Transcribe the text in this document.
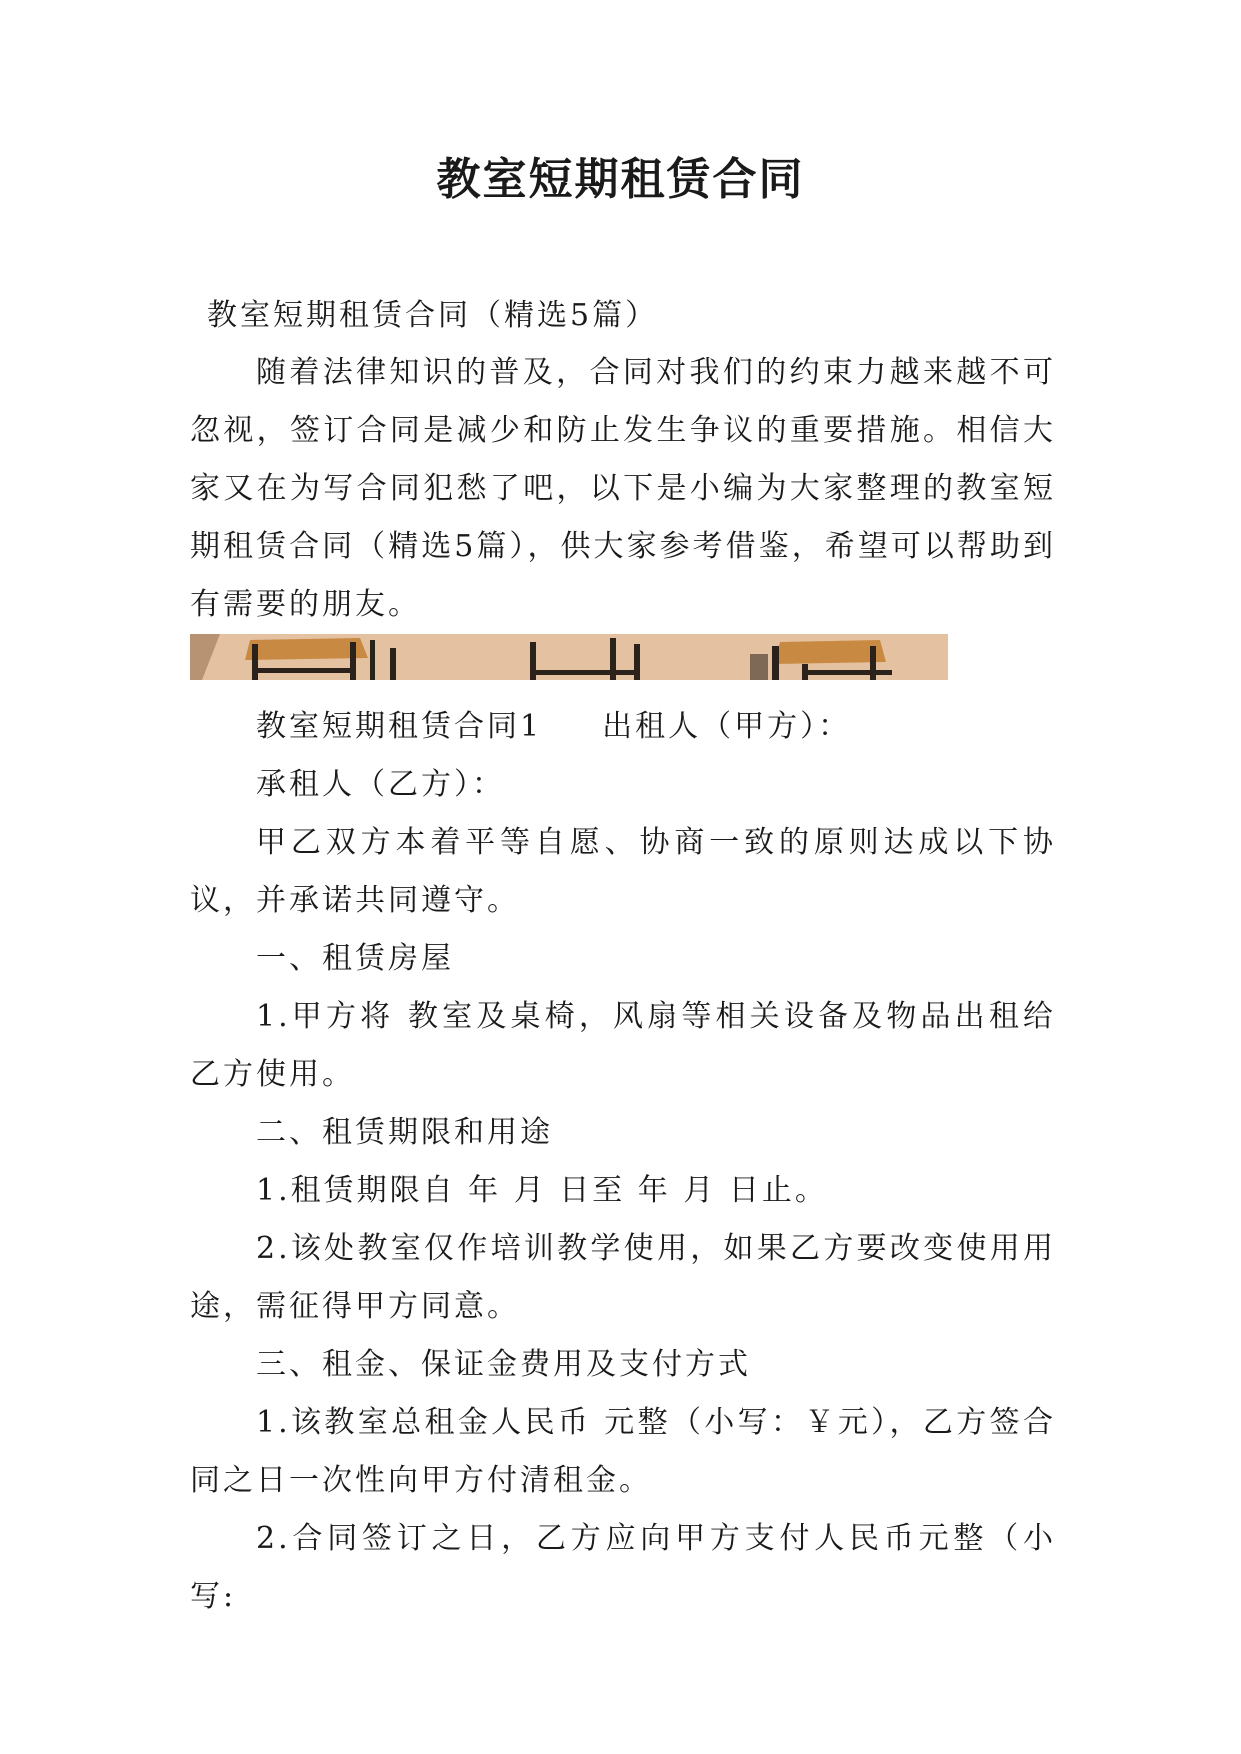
教室短期租赁合同
教室短期租赁合同（精选5篇）

随着法律知识的普及，合同对我们的约束力越来越不可忽视，签订合同是减少和防止发生争议的重要措施。相信大家又在为写合同犯愁了吧，以下是小编为大家整理的教室短期租赁合同（精选5篇），供大家参考借鉴，希望可以帮助到有需要的朋友。

教室短期租赁合同1 出租人（甲方）：

承租人（乙方）：

甲乙双方本着平等自愿、协商一致的原则达成以下协议，并承诺共同遵守。

一、租赁房屋

1.甲方将 教室及桌椅，风扇等相关设备及物品出租给乙方使用。

二、租赁期限和用途

1.租赁期限自 年 月 日至 年 月 日止。

2.该处教室仅作培训教学使用，如果乙方要改变使用用途，需征得甲方同意。

三、租金、保证金费用及支付方式

1.该教室总租金人民币 元整（小写：￥元），乙方签合同之日一次性向甲方付清租金。

2.合同签订之日，乙方应向甲方支付人民币元整（小写:
